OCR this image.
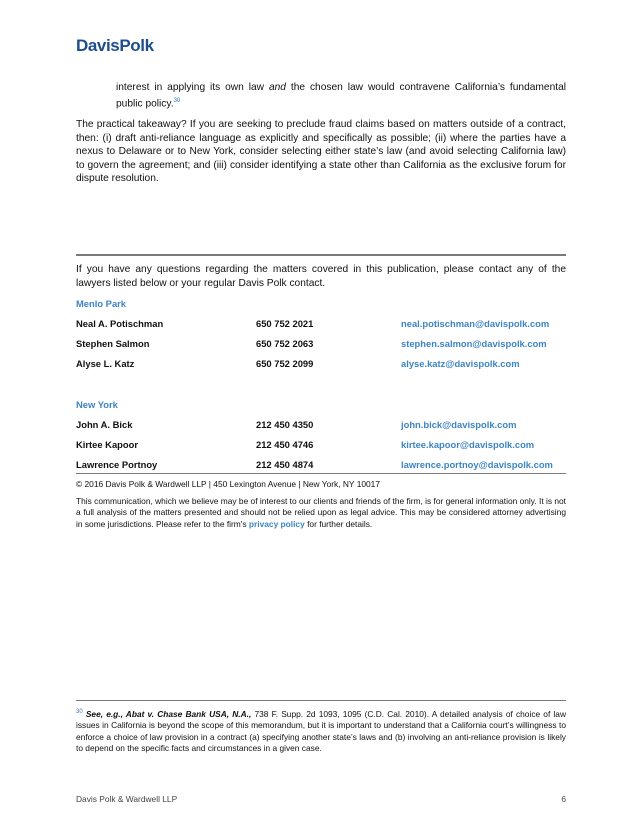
DavisPolk

interest in applying its own law and the chosen law would contravene California’s fundamental public policy.$^{30}$

The practical takeaway? If you are seeking to preclude fraud claims based on matters outside of a contract, then: (i) draft anti-reliance language as explicitly and specifically as possible; (ii) where the parties have a nexus to Delaware or to New York, consider selecting either state’s law (and avoid selecting California law) to govern the agreement; and (iii) consider identifying a state other than California as the exclusive forum for dispute resolution.

If you have any questions regarding the matters covered in this publication, please contact any of the lawyers listed below or your regular Davis Polk contact.

Menlo Park
Neal A. Potischman	650 752 2021	neal.potischman@davispolk.com
Stephen Salmon	650 752 2063	stephen.salmon@davispolk.com
Alyse L. Katz	650 752 2099	alyse.katz@davispolk.com
New York
John A. Bick	212 450 4350	john.bick@davispolk.com
Kirtee Kapoor	212 450 4746	kirtee.kapoor@davispolk.com
Lawrence Portnoy	212 450 4874	lawrence.portnoy@davispolk.com
© 2016 Davis Polk & Wardwell LLP | 450 Lexington Avenue | New York, NY 10017

This communication, which we believe may be of interest to our clients and friends of the firm, is for general information only. It is not a full analysis of the matters presented and should not be relied upon as legal advice. This may be considered attorney advertising in some jurisdictions. Please refer to the firm's privacy policy for further details.

$^{30}$ See, e.g., Abat v. Chase Bank USA, N.A., 738 F. Supp. 2d 1093, 1095 (C.D. Cal. 2010). A detailed analysis of choice of law issues in California is beyond the scope of this memorandum, but it is important to understand that a California court’s willingness to enforce a choice of law provision in a contract (a) specifying another state’s laws and (b) involving an anti-reliance provision is likely to depend on the specific facts and circumstances in a given case.

Davis Polk & Wardwell LLP	6
